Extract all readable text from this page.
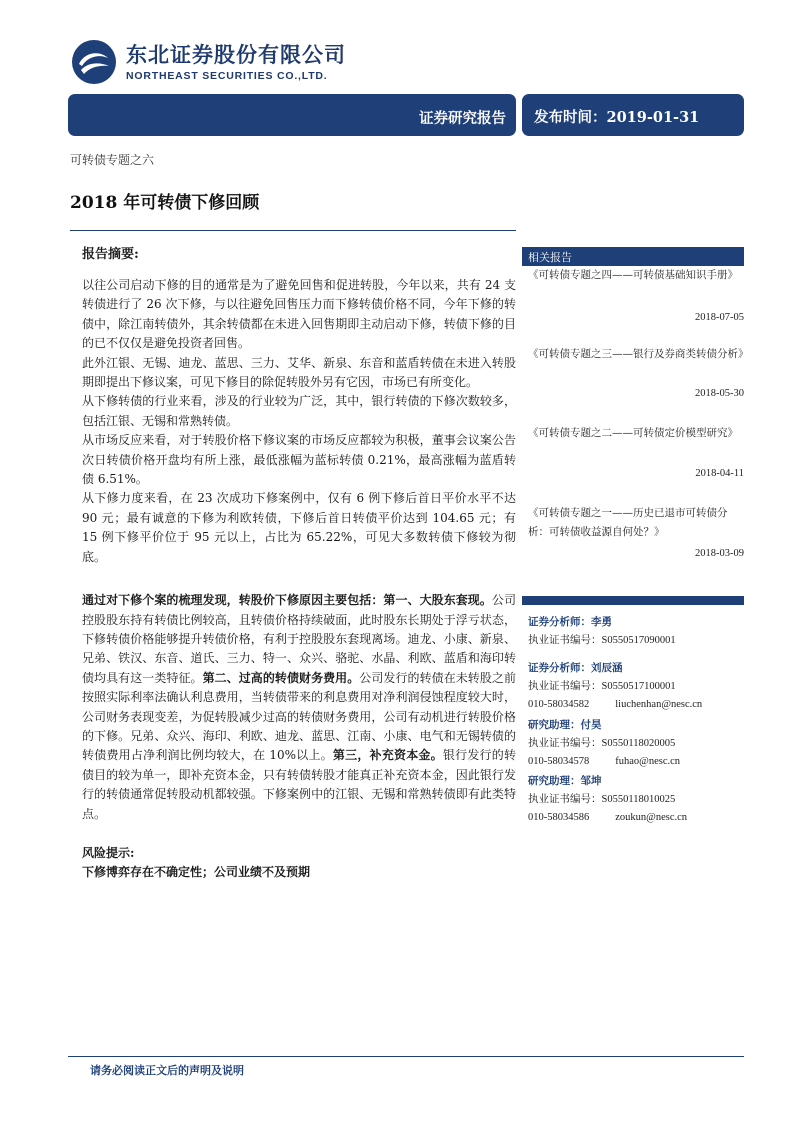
东北证券股份有限公司
NORTHEAST SECURITIES CO.,LTD.
证券研究报告 发布时间：2019-01-31
可转债专题之六
2018 年可转债下修回顾
报告摘要:

以往公司启动下修的目的通常是为了避免回售和促进转股，今年以来，共有 24 支转债进行了 26 次下修，与以往避免回售压力而下修转债价格不同，今年下修的转债中，除江南转债外，其余转债都在未进入回售期即主动启动下修，转债下修的目的已不仅仅是避免投资者回售。

此外江银、无锡、迪龙、蓝思、三力、艾华、新泉、东音和蓝盾转债在未进入转股期即提出下修议案，可见下修目的除促转股外另有它因，市场已有所变化。

从下修转债的行业来看，涉及的行业较为广泛，其中，银行转债的下修次数较多，包括江银、无锡和常熟转债。

从市场反应来看，对于转股价格下修议案的市场反应都较为积极，董事会议案公告次日转债价格开盘均有所上涨，最低涨幅为蓝标转债 0.21%，最高涨幅为蓝盾转债 6.51%。

从下修力度来看，在 23 次成功下修案例中，仅有 6 例下修后首日平价水平不达 90 元；最有诚意的下修为利欧转债，下修后首日转债平价达到 104.65 元；有 15 例下修平价位于 95 元以上，占比为 65.22%，可见大多数转债下修较为彻底。

通过对下修个案的梳理发现，转股价下修原因主要包括：第一、大股东套现。公司控股股东持有转债比例较高，且转债价格持续破面，此时股东长期处于浮亏状态，下修转债价格能够提升转债价格，有利于控股股东套现离场。迪龙、小康、新泉、兄弟、铁汉、东音、道氏、三力、特一、众兴、骆驼、水晶、利欧、蓝盾和海印转债均具有这一类特征。第二、过高的转债财务费用。公司发行的转债在未转股之前按照实际利率法确认利息费用，当转债带来的利息费用对净利润侵蚀程度较大时，公司财务表现变差，为促转股减少过高的转债财务费用，公司有动机进行转股价格的下修。兄弟、众兴、海印、利欧、迪龙、蓝思、江南、小康、电气和无锡转债的转债费用占净利润比例均较大，在 10%以上。第三，补充资本金。银行发行的转债目的较为单一，即补充资本金，只有转债转股才能真正补充资本金，因此银行发行的转债通常促转股动机都较强。下修案例中的江银、无锡和常熟转债即有此类特点。

风险提示:

下修博弈存在不确定性；公司业绩不及预期

相关报告
《可转债专题之四——可转债基础知识手册》
2018-07-05
《可转债专题之三——银行及券商类转债分析》
2018-05-30
《可转债专题之二——可转债定价模型研究》
2018-04-11
《可转债专题之一——历史已退市可转债分析：可转债收益源自何处？》
2018-03-09
证券分析师：李勇
执业证书编号：S0550517090001
证券分析师：刘辰涵
执业证书编号：S0550517100001
010-58034582 liuchenhan@nesc.cn
研究助理：付昊
执业证书编号：S0550118020005
010-58034578 fuhao@nesc.cn
研究助理：邹坤
执业证书编号：S0550118010025
010-58034586 zoukun@nesc.cn
请务必阅读正文后的声明及说明
